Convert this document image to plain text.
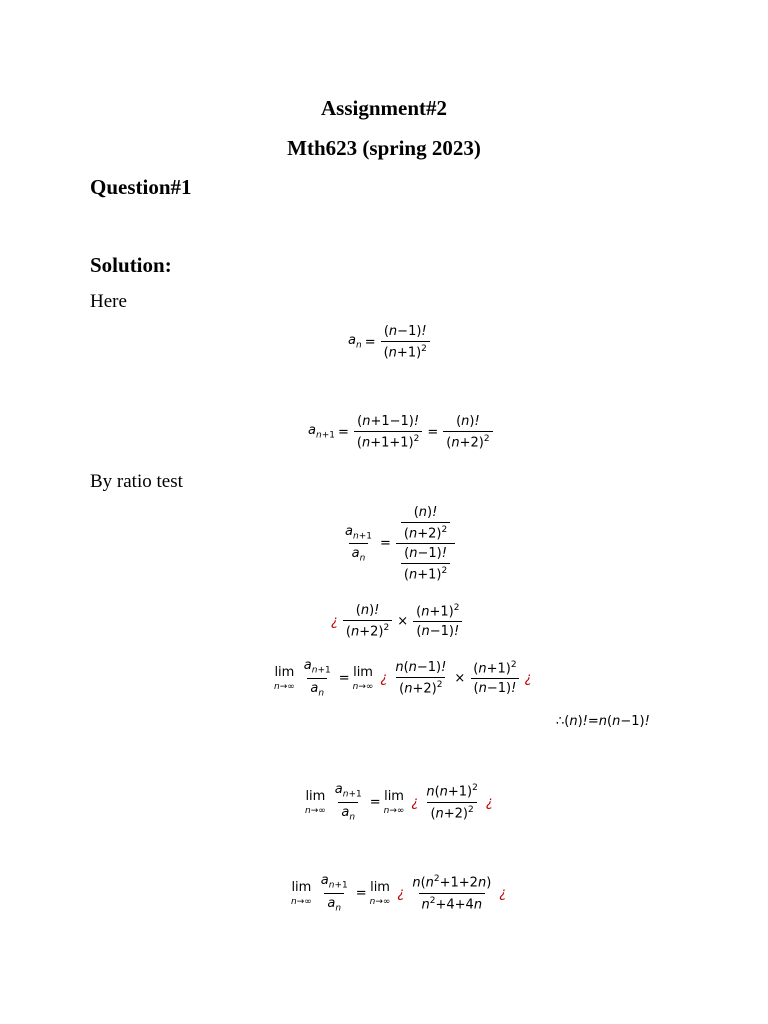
Assignment#2
Mth623 (spring 2023)
Question#1
Solution:
Here
$a_n = \frac{(n-1)!}{(n+1)^2}$
$a_{n+1} = \frac{(n+1-1)!}{(n+1+1)^2} = \frac{(n)!}{(n+2)^2}$
By ratio test
$\frac{a_{n+1}}{a_n} = \frac{\frac{(n)!}{(n+2)^2}}{\frac{(n-1)!}{(n+1)^2}}$
¿ $\frac{(n)!}{(n+2)^2} \times \frac{(n+1)^2}{(n-1)!}$
lim
$n\to\infty \frac{a_{n+1}}{a_n} = \lim$
n→∞
¿ $\frac{n(n-1)!}{(n+2)^2} \times \frac{(n+1)^2}{(n-1)!}$ ¿
∴(n)!=n(n−1)!
lim
$n\to\infty \frac{a_{n+1}}{a_n} = \lim$
n→∞
¿ $\frac{n(n+1)^2}{(n+2)^2}$ ¿
lim
$n\to\infty \frac{a_{n+1}}{a_n} = \lim$
n→∞
¿ $\frac{n(n^2+1+2n)}{n^2+4+4n}$ ¿
